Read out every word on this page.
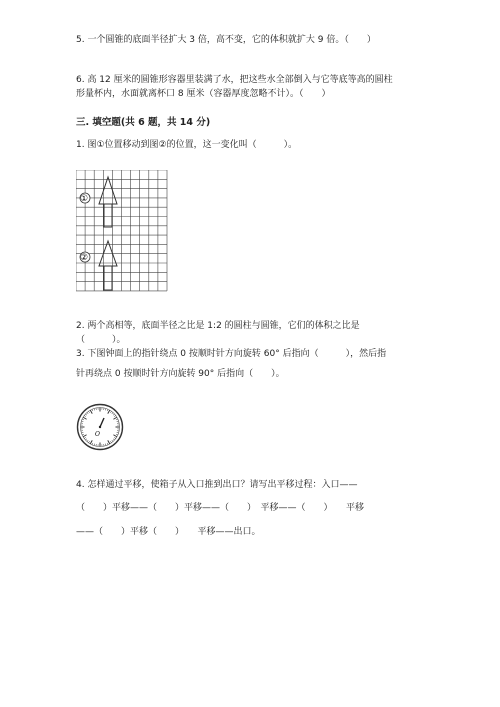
5. 一个圆锥的底面半径扩大 3 倍，高不变，它的体积就扩大 9 倍。（　　）
6. 高 12 厘米的圆锥形容器里装满了水，把这些水全部倒入与它等底等高的圆柱
形量杯内，水面就离杯口 8 厘米（容器厚度忽略不计）。（　　）
三. 填空题(共 6 题，共 14 分)
1. 图①位置移动到图②的位置，这一变化叫（　　　）。
①
②
2. 两个高相等，底面半径之比是 1:2 的圆柱与圆锥，它们的体积之比是
（　　　）。
3. 下图钟面上的指针绕点 0 按顺时针方向旋转 60° 后指向（　　　），然后指
针再绕点 0 按顺时针方向旋转 90° 后指向（　　）。
O
4. 怎样通过平移，使箱子从入口推到出口？请写出平移过程：入口——
（　　）平移——（　　）平移——（　　）　平移——（　　）　　平移
——（　　）平移（　　）　　平移——出口。
